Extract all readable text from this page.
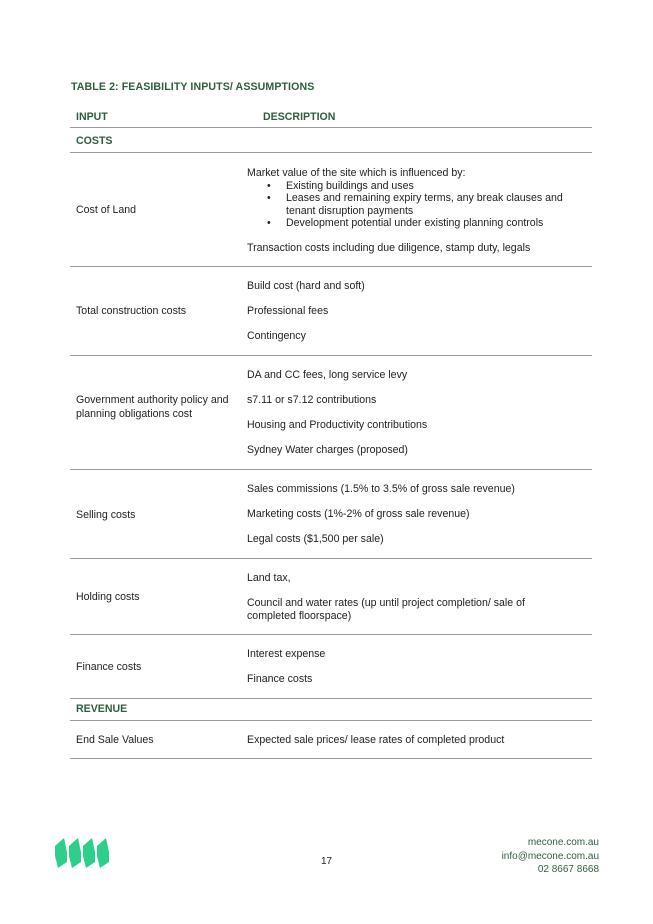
TABLE 2: FEASIBILITY INPUTS/ ASSUMPTIONS
INPUT	DESCRIPTION
COSTS
Cost of Land
Market value of the site which is influenced by:
• Existing buildings and uses
• Leases and remaining expiry terms, any break clauses and tenant disruption payments
• Development potential under existing planning controls
Transaction costs including due diligence, stamp duty, legals
Total construction costs
Build cost (hard and soft)
Professional fees
Contingency
Government authority policy and planning obligations cost
DA and CC fees, long service levy
s7.11 or s7.12 contributions
Housing and Productivity contributions
Sydney Water charges (proposed)
Selling costs
Sales commissions (1.5% to 3.5% of gross sale revenue)
Marketing costs (1%-2% of gross sale revenue)
Legal costs ($1,500 per sale)
Holding costs
Land tax,
Council and water rates (up until project completion/ sale of completed floorspace)
Finance costs
Interest expense
Finance costs
REVENUE
End Sale Values	Expected sale prices/ lease rates of completed product
17
mecone.com.au
info@mecone.com.au
02 8667 8668
